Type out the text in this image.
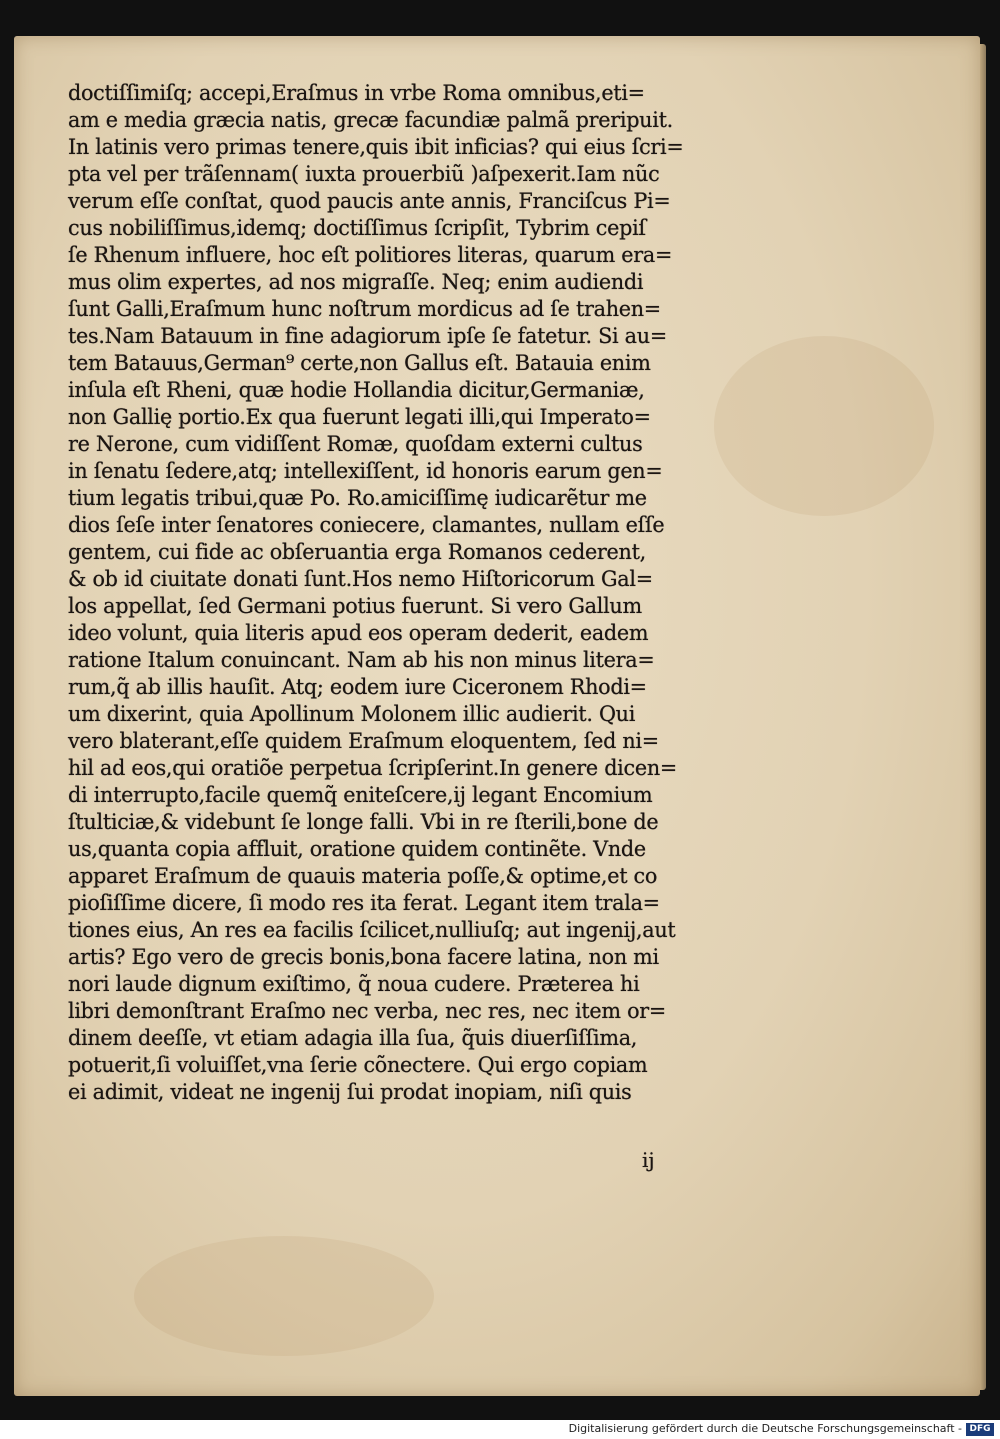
doctiſſimiſq; accepi,Eraſmus in vrbe Roma omnibus,eti=
am e media græcia natis, grecæ facundiæ palmã preripuit.
In latinis vero primas tenere,quis ibit inficias? qui eius ſcri=
pta vel per trãſennam( iuxta prouerbiũ )aſpexerit.Iam nũc
verum eſſe conſtat, quod paucis ante annis, Franciſcus Pi=
cus nobiliſſimus,idemq; doctiſſimus ſcripſit, Tybrim cepiſ
ſe Rhenum influere, hoc eſt politiores literas, quarum era=
mus olim expertes, ad nos migraſſe. Neq; enim audiendi
ſunt Galli,Eraſmum hunc noſtrum mordicus ad ſe trahen=
tes.Nam Batauum in fine adagiorum ipſe ſe fatetur. Si au=
tem Batauus,German⁹ certe,non Gallus eſt. Batauia enim
inſula eſt Rheni, quæ hodie Hollandia dicitur,Germaniæ,
non Gallię portio.Ex qua fuerunt legati illi,qui Imperato=
re Nerone, cum vidiſſent Romæ, quoſdam externi cultus
in ſenatu ſedere,atq; intellexiſſent, id honoris earum gen=
tium legatis tribui,quæ Po. Ro.amiciſſimę iudicarẽtur me
dios ſeſe inter ſenatores coniecere, clamantes, nullam eſſe
gentem, cui fide ac obſeruantia erga Romanos cederent,
& ob id ciuitate donati ſunt.Hos nemo Hiſtoricorum Gal=
los appellat, ſed Germani potius fuerunt. Si vero Gallum
ideo volunt, quia literis apud eos operam dederit, eadem
ratione Italum conuincant. Nam ab his non minus litera=
rum,q̃ ab illis hauſit. Atq; eodem iure Ciceronem Rhodi=
um dixerint, quia Apollinum Molonem illic audierit. Qui
vero blaterant,eſſe quidem Eraſmum eloquentem, ſed ni=
hil ad eos,qui oratiõe perpetua ſcripſerint.In genere dicen=
di interrupto,facile quemq̃ eniteſcere,ij legant Encomium
ſtulticiæ,& videbunt ſe longe falli. Vbi in re ſterili,bone de
us,quanta copia affluit, oratione quidem continẽte. Vnde
apparet Eraſmum de quauis materia poſſe,& optime,et co
pioſiſſime dicere, ſi modo res ita ferat. Legant item trala=
tiones eius, An res ea facilis ſcilicet,nulliuſq; aut ingenij,aut
artis? Ego vero de grecis bonis,bona facere latina, non mi
nori laude dignum exiſtimo, q̃ noua cudere. Præterea hi
libri demonſtrant Eraſmo nec verba, nec res, nec item or=
dinem deeſſe, vt etiam adagia illa ſua, q̃uis diuerſiſſima,
potuerit,ſi voluiſſet,vna ſerie cõnectere. Qui ergo copiam
ei adimit, videat ne ingenij ſui prodat inopiam, niſi quis
ij
Digitalisierung gefördert durch die Deutsche Forschungsgemeinschaft - DFG
